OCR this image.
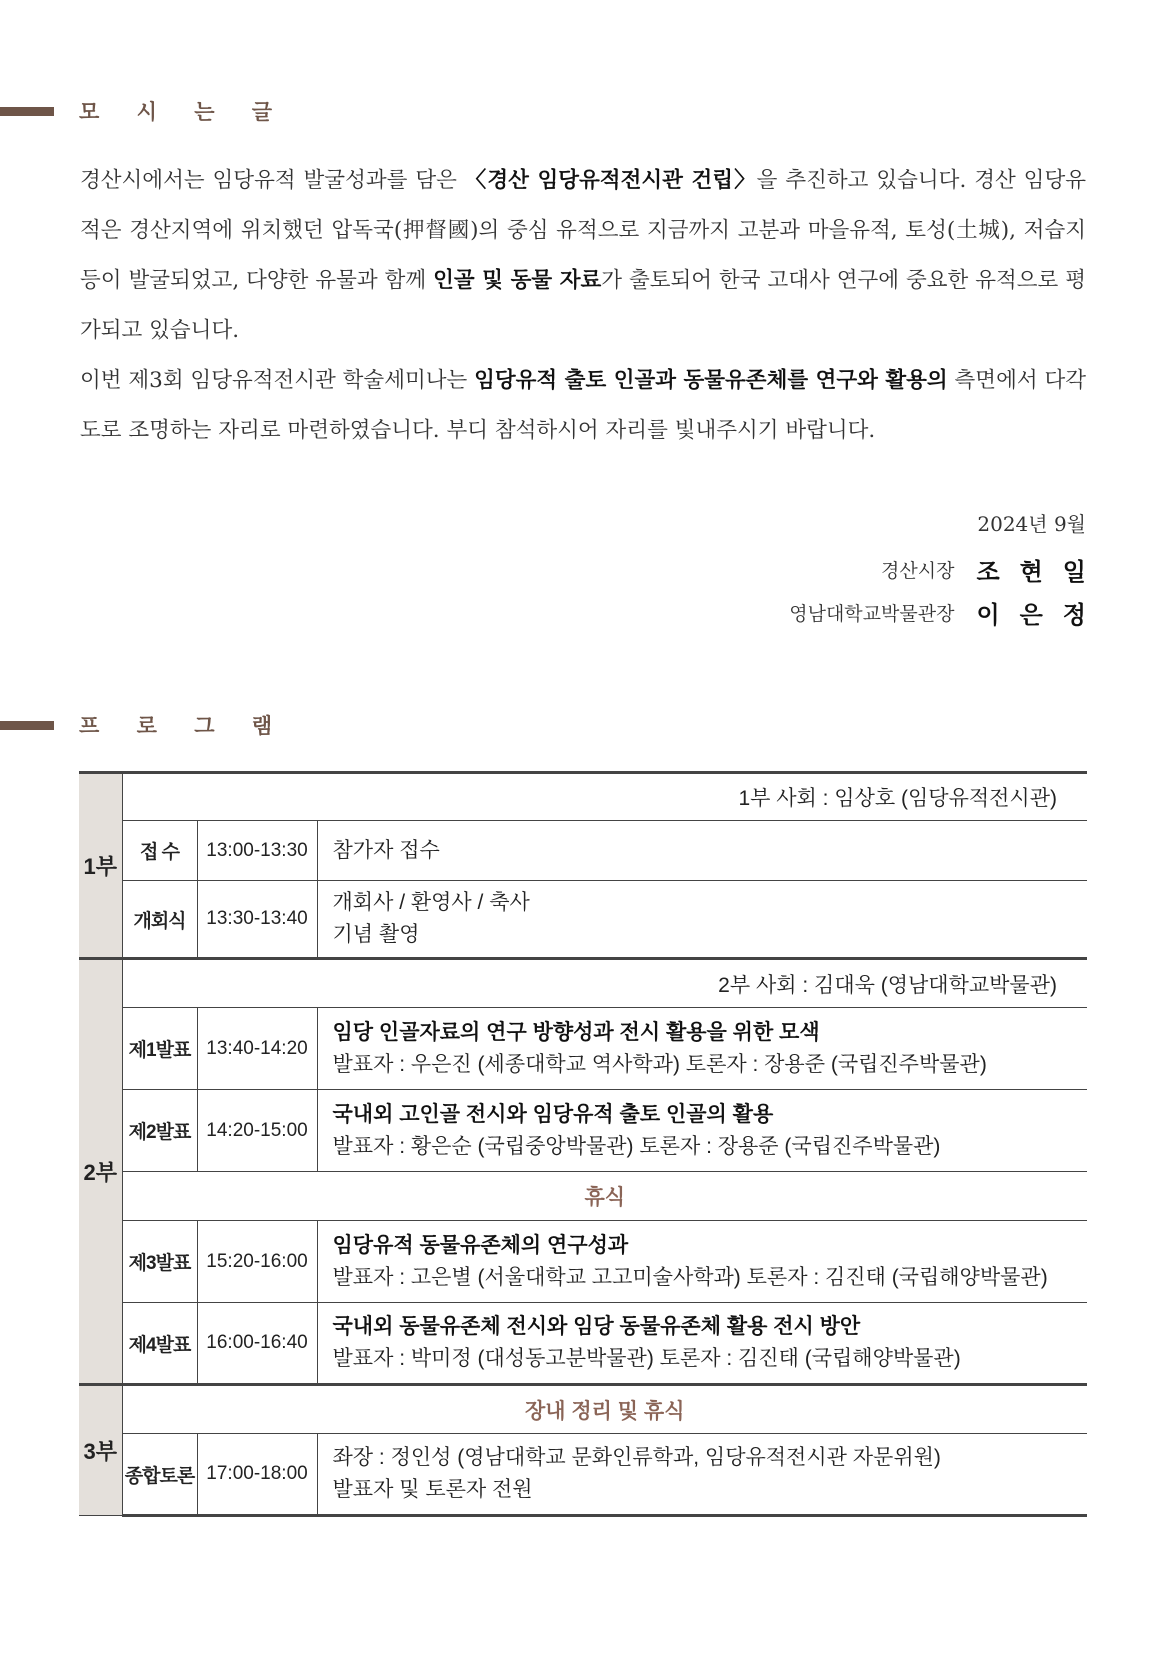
모 시 는 글

경산시에서는 임당유적 발굴성과를 담은 〈경산 임당유적전시관 건립〉을 추진하고 있습니다. 경산 임당유적은 경산지역에 위치했던 압독국(押督國)의 중심 유적으로 지금까지 고분과 마을유적, 토성(土城), 저습지 등이 발굴되었고, 다양한 유물과 함께 인골 및 동물 자료가 출토되어 한국 고대사 연구에 중요한 유적으로 평가되고 있습니다.
이번 제3회 임당유적전시관 학술세미나는 임당유적 출토 인골과 동물유존체를 연구와 활용의 측면에서 다각도로 조명하는 자리로 마련하였습니다. 부디 참석하시어 자리를 빛내주시기 바랍니다.

2024년 9월
경산시장 조현일
영남대학교박물관장 이은정
프 로 그 램
1부	1부 사회 : 임상호 (임당유적전시관)		
	접 수	13:00-13:30	참가자 접수

	개회식	13:30-13:40	개회사 / 환영사 / 축사
기념 촬영

2부	2부 사회 : 김대욱 (영남대학교박물관)		
	제1발표	13:40-14:20	임당 인골자료의 연구 방향성과 전시 활용을 위한 모색
발표자 : 우은진 (세종대학교 역사학과) 토론자 : 장용준 (국립진주박물관)

	제2발표	14:20-15:00	국내외 고인골 전시와 임당유적 출토 인골의 활용
발표자 : 황은순 (국립중앙박물관) 토론자 : 장용준 (국립진주박물관)

	휴식		
	제3발표	15:20-16:00	임당유적 동물유존체의 연구성과
발표자 : 고은별 (서울대학교 고고미술사학과) 토론자 : 김진태 (국립해양박물관)

	제4발표	16:00-16:40	국내외 동물유존체 전시와 임당 동물유존체 활용 전시 방안
발표자 : 박미정 (대성동고분박물관) 토론자 : 김진태 (국립해양박물관)

3부	장내 정리 및 휴식		
	종합토론	17:00-18:00	좌장 : 정인성 (영남대학교 문화인류학과, 임당유적전시관 자문위원)
발표자 및 토론자 전원
